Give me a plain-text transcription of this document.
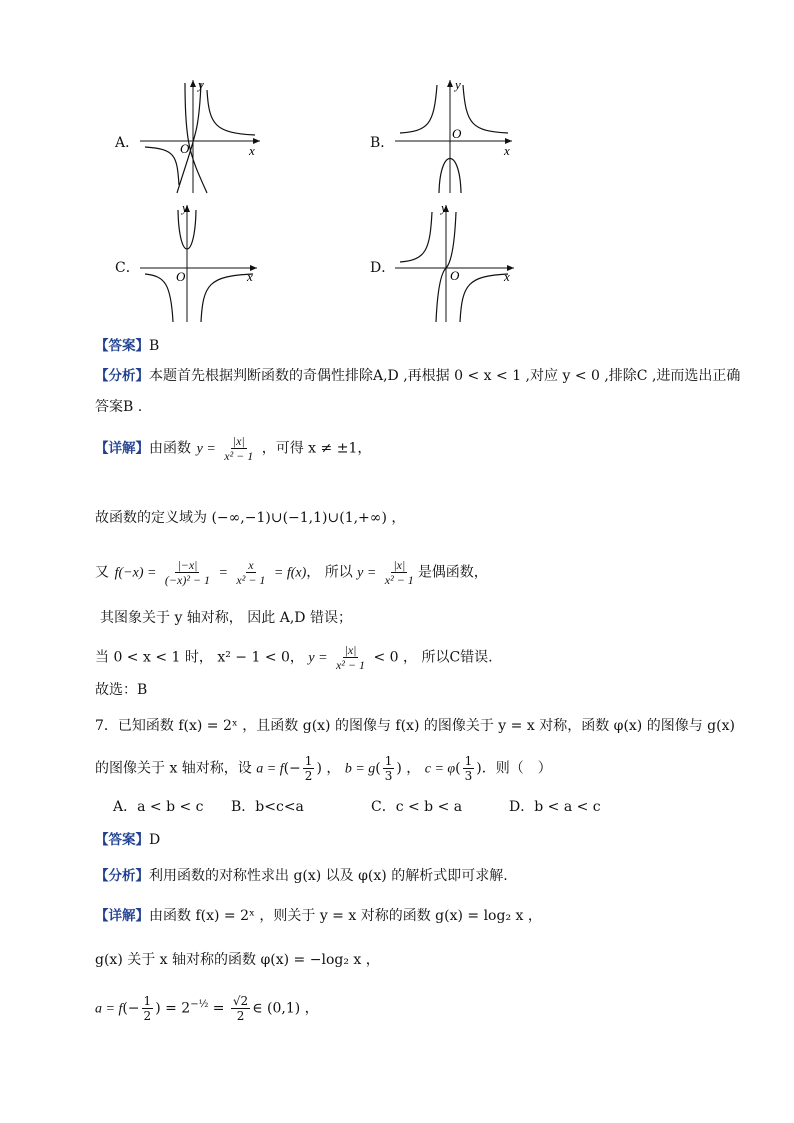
A．	x
y
O	B．	x
y
O
C．
x
y
O
D．
x
y
O
【答案】B
【分析】本题首先根据判断函数的奇偶性排除A,D ,再根据 0 < x < 1 ,对应 y < 0 ,排除C ,进而选出正确
答案B .
【详解】由函数  $y = \frac{|x|}{\text{x² − 1}}$ ，可得 x ≠ ±1，
故函数的定义域为 (−∞,−1)∪(−1,1)∪(1,+∞) ，
又  $f(-x) = \frac{|-x|}{\text{(−x)² − 1}} = \frac{x}{\text{x² − 1}} = f(x)$， 所以 $y = \frac{|x|}{\text{x² − 1}}$ 是偶函数，
其图象关于 y 轴对称， 因此 A,D 错误；
当 0 < x < 1 时， x² − 1 < 0， $y = \frac{|x|}{\text{x² − 1}} < 0$ ， 所以C错误.
故选：B
7．已知函数 f(x) = 2ˣ ，且函数 g(x) 的图像与 f(x) 的图像关于 y = x 对称，函数 φ(x) 的图像与 g(x)
的图像关于 x 轴对称，设 $a = f(- \frac{1}{2}$ ) ， $b = g( \frac{1}{3}$ ) ， $c = \varphi( \frac{1}{3}$ )．则（　）
A．a < b < c B．b<c<a	C．c < b < a	D．b < a < c
【答案】D
【分析】利用函数的对称性求出 g(x) 以及 φ(x) 的解析式即可求解.
【详解】由函数 f(x) = 2ˣ ，则关于 y = x 对称的函数 g(x) = log₂ x ，
g(x) 关于 x 轴对称的函数 φ(x) = −log₂ x ，
$a = f(- \frac{1}{2}$ ) = $2^{-\frac{1}{2}} = \frac{√2}{2}$ ∈ (0,1) ，
